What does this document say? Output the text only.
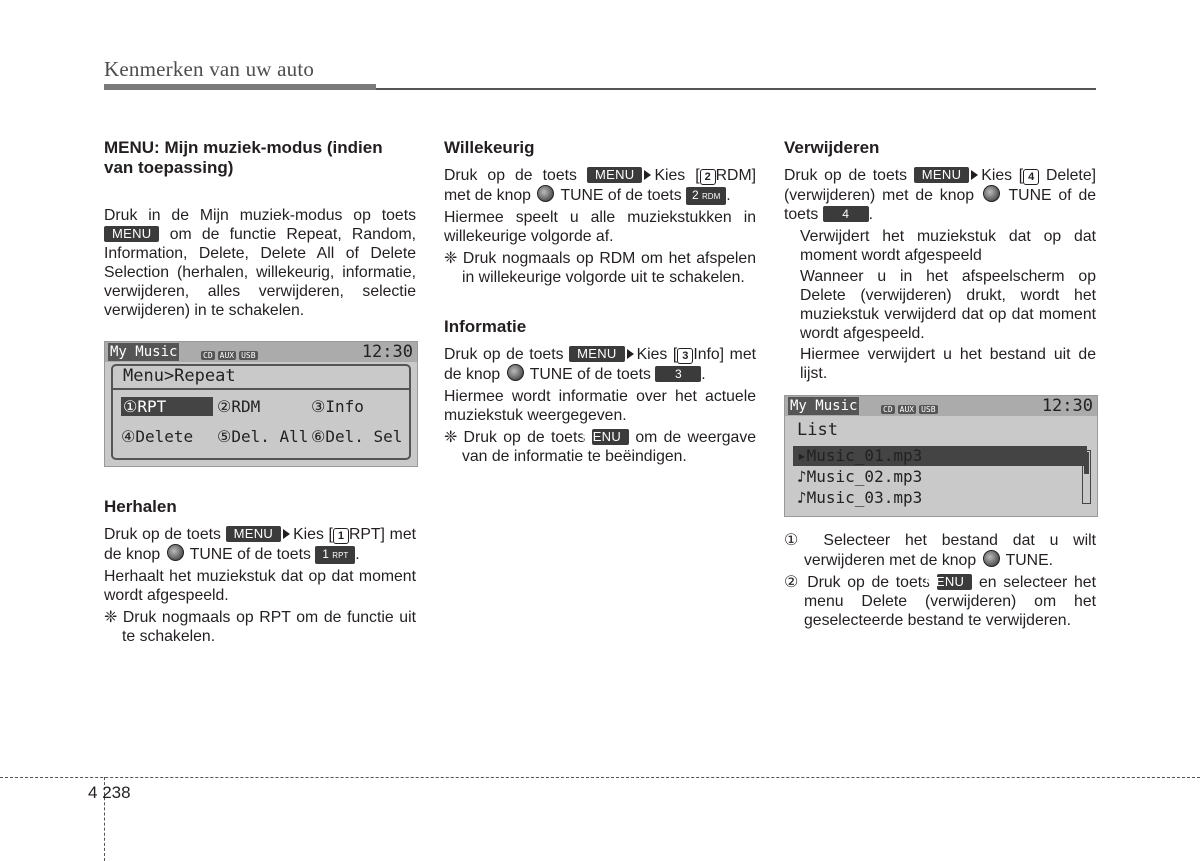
Kenmerken van uw auto
MENU: Mijn muziek-modus (indien van toepassing)

Druk in de Mijn muziek-modus op toets MENU om de functie Repeat, Random, Information, Delete, Delete All of Delete Selection (herhalen, willekeurig, informatie, verwijderen, alles verwijderen, selectie verwijderen) in te schakelen.

My Music	CD AUX USB	12:30
Menu>Repeat
①RPT	②RDM	③Info
④Delete ⑤Del. All ⑥Del. Sel
Herhalen

Druk op de toets MENU Kies [ 1 RPT] met de knop TUNE of de toets 1 RPT .

Herhaalt het muziekstuk dat op dat moment wordt afgespeeld.

❈ Druk nogmaals op RPT om de functie uit te schakelen.

Willekeurig

Druk op de toets MENU Kies [ 2 RDM] met de knop TUNE of de toets 2 RDM .

Hiermee speelt u alle muziekstukken in willekeurige volgorde af.

❈ Druk nogmaals op RDM om het afspelen in willekeurige volgorde uit te schakelen.

Informatie

Druk op de toets MENU Kies [ 3 Info] met de knop TUNE of de toets 3 .

Hiermee wordt informatie over het actuele muziekstuk weergegeven.

❈ Druk op de toets MENU om de weergave van de informatie te beëindigen.

Verwijderen

Druk op de toets MENU Kies [ 4 Delete] (verwijderen) met de knop TUNE of de toets 4 .

Verwijdert het muziekstuk dat op dat moment wordt afgespeeld

Wanneer u in het afspeelscherm op Delete (verwijderen) drukt, wordt het muziekstuk verwijderd dat op dat moment wordt afgespeeld.

Hiermee verwijdert u het bestand uit de lijst.

My Music	CD AUX USB	12:30
List
▸Music_01.mp3
♪Music_02.mp3
♪Music_03.mp3

① Selecteer het bestand dat u wilt verwijderen met de knop TUNE.

② Druk op de toets MENU en selecteer het menu Delete (verwijderen) om het geselecteerde bestand te verwijderen.

4 238
